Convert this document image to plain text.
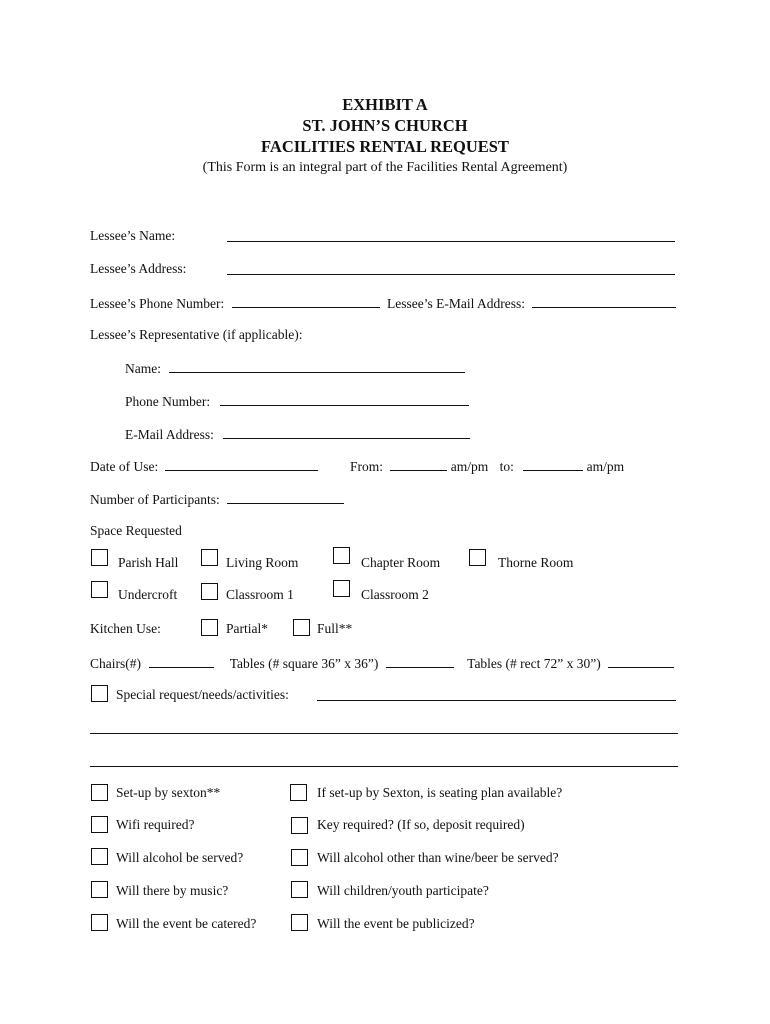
EXHIBIT A
ST. JOHN’S CHURCH
FACILITIES RENTAL REQUEST
(This Form is an integral part of the Facilities Rental Agreement)
Lessee’s Name:
Lessee’s Address:
Lessee’s Phone Number:	Lessee’s E-Mail Address:
Lessee’s Representative (if applicable):
Name:
Phone Number:
E-Mail Address:
Date of Use:	From:	am/pm to:	am/pm
Number of Participants:
Space Requested
Parish Hall	Living Room	Chapter Room	Thorne Room
Undercroft	Classroom 1	Classroom 2
Kitchen Use:	Partial*	Full**
Chairs(#)	Tables (# square 36” x 36”)	Tables (# rect 72” x 30”)
Special request/needs/activities:
Set-up by sexton**	If set-up by Sexton, is seating plan available?
Wifi required?	Key required? (If so, deposit required)
Will alcohol be served?	Will alcohol other than wine/beer be served?
Will there by music?	Will children/youth participate?
Will the event be catered?	Will the event be publicized?
